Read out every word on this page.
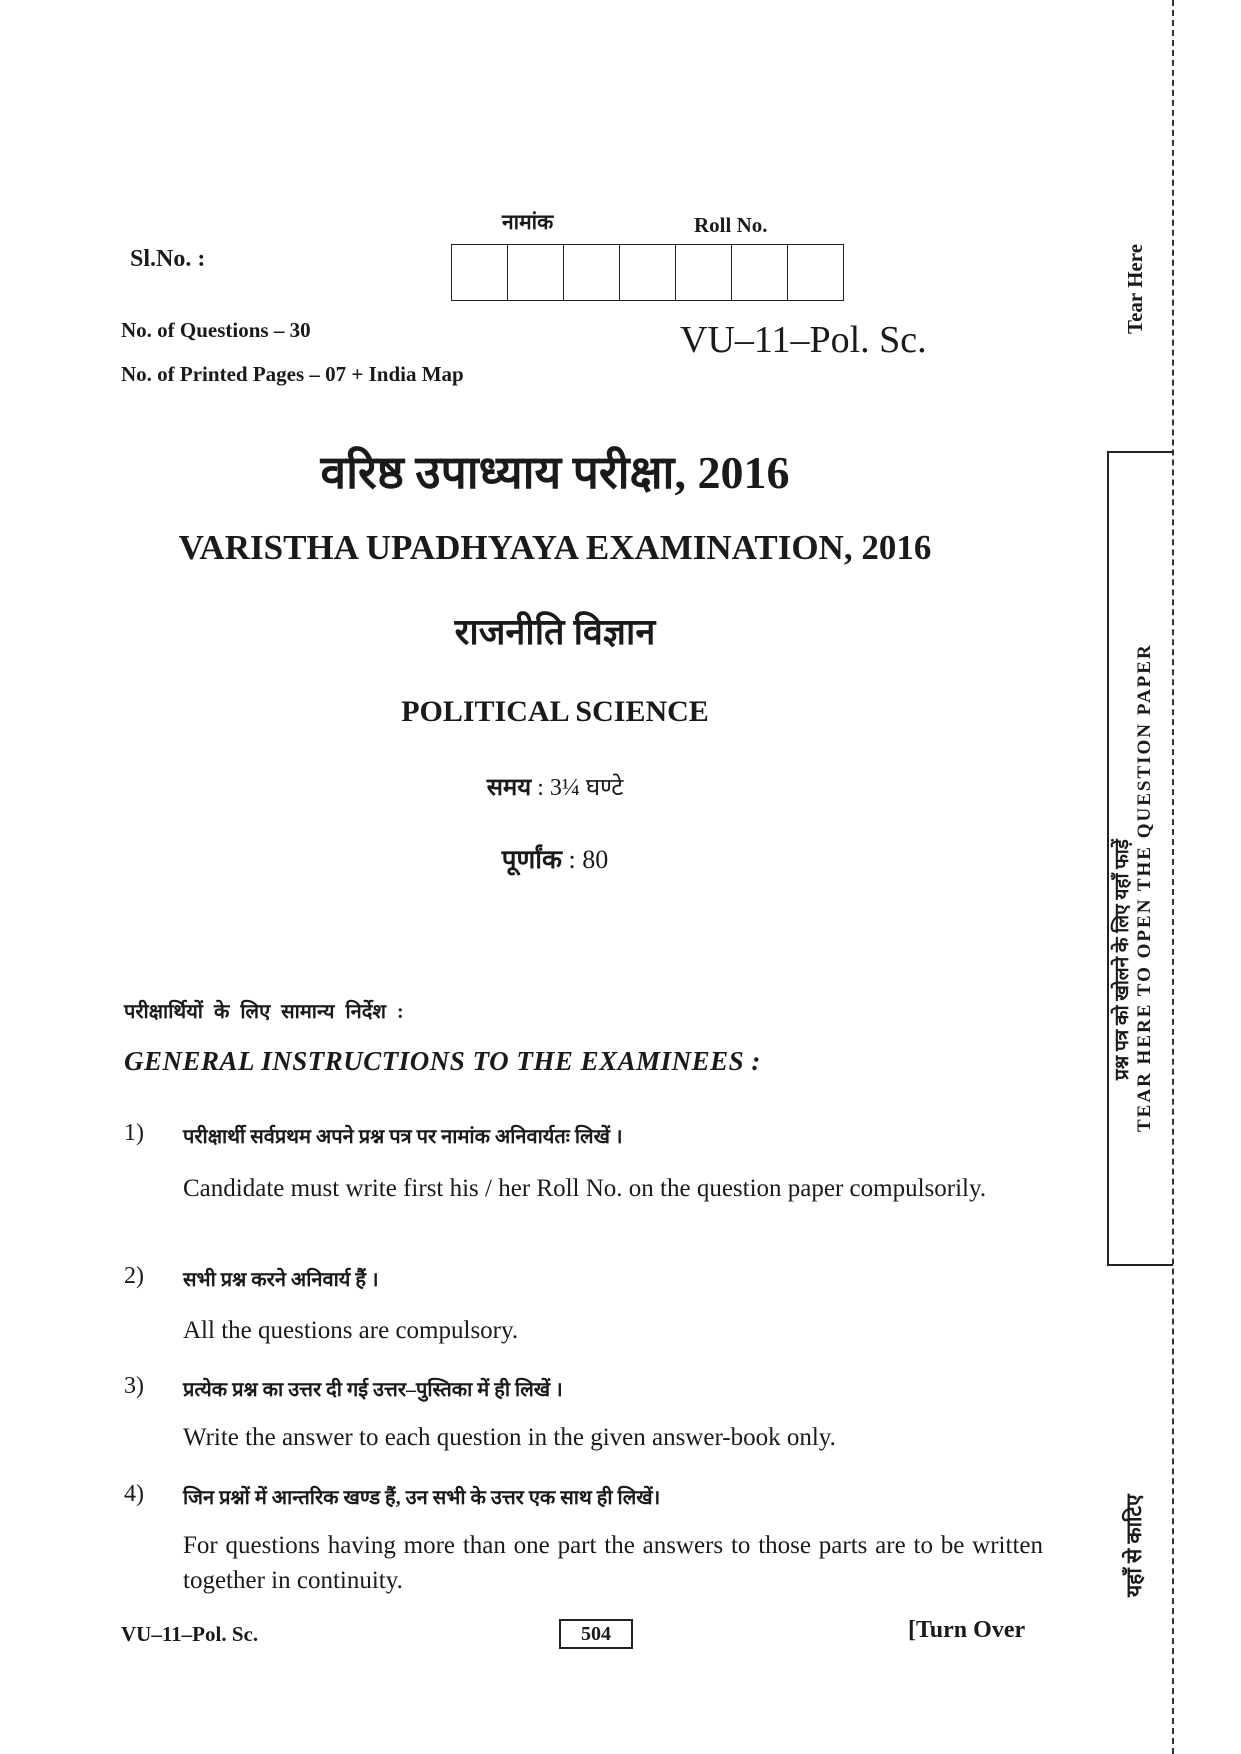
Sl.No. :
नामांक	Roll No.
No. of Questions – 30
No. of Printed Pages – 07 + India Map
VU–11–Pol. Sc.
वरिष्ठ उपाध्याय परीक्षा, 2016
VARISTHA UPADHYAYA EXAMINATION, 2016
राजनीति विज्ञान
POLITICAL SCIENCE
समय : 3¼ घण्टे
पूर्णांक : 80
परीक्षार्थियों के लिए सामान्य निर्देश :
GENERAL INSTRUCTIONS TO THE EXAMINEES :
1) परीक्षार्थी सर्वप्रथम अपने प्रश्न पत्र पर नामांक अनिवार्यतः लिखें ।
Candidate must write first his / her Roll No. on the question paper compulsorily.
2) सभी प्रश्न करने अनिवार्य हैं ।
All the questions are compulsory.
3) प्रत्येक प्रश्न का उत्तर दी गई उत्तर–पुस्तिका में ही लिखें ।
Write the answer to each question in the given answer-book only.
4) जिन प्रश्नों में आन्तरिक खण्ड हैं, उन सभी के उत्तर एक साथ ही लिखें।
For questions having more than one part the answers to those parts are to be written together in continuity.
VU–11–Pol. Sc.	504	[Turn Over
Tear Here
प्रश्न पत्र को खोलने के लिए यहाँ फाड़ें TEAR HERE TO OPEN THE QUESTION PAPER
यहाँ से काटिए
